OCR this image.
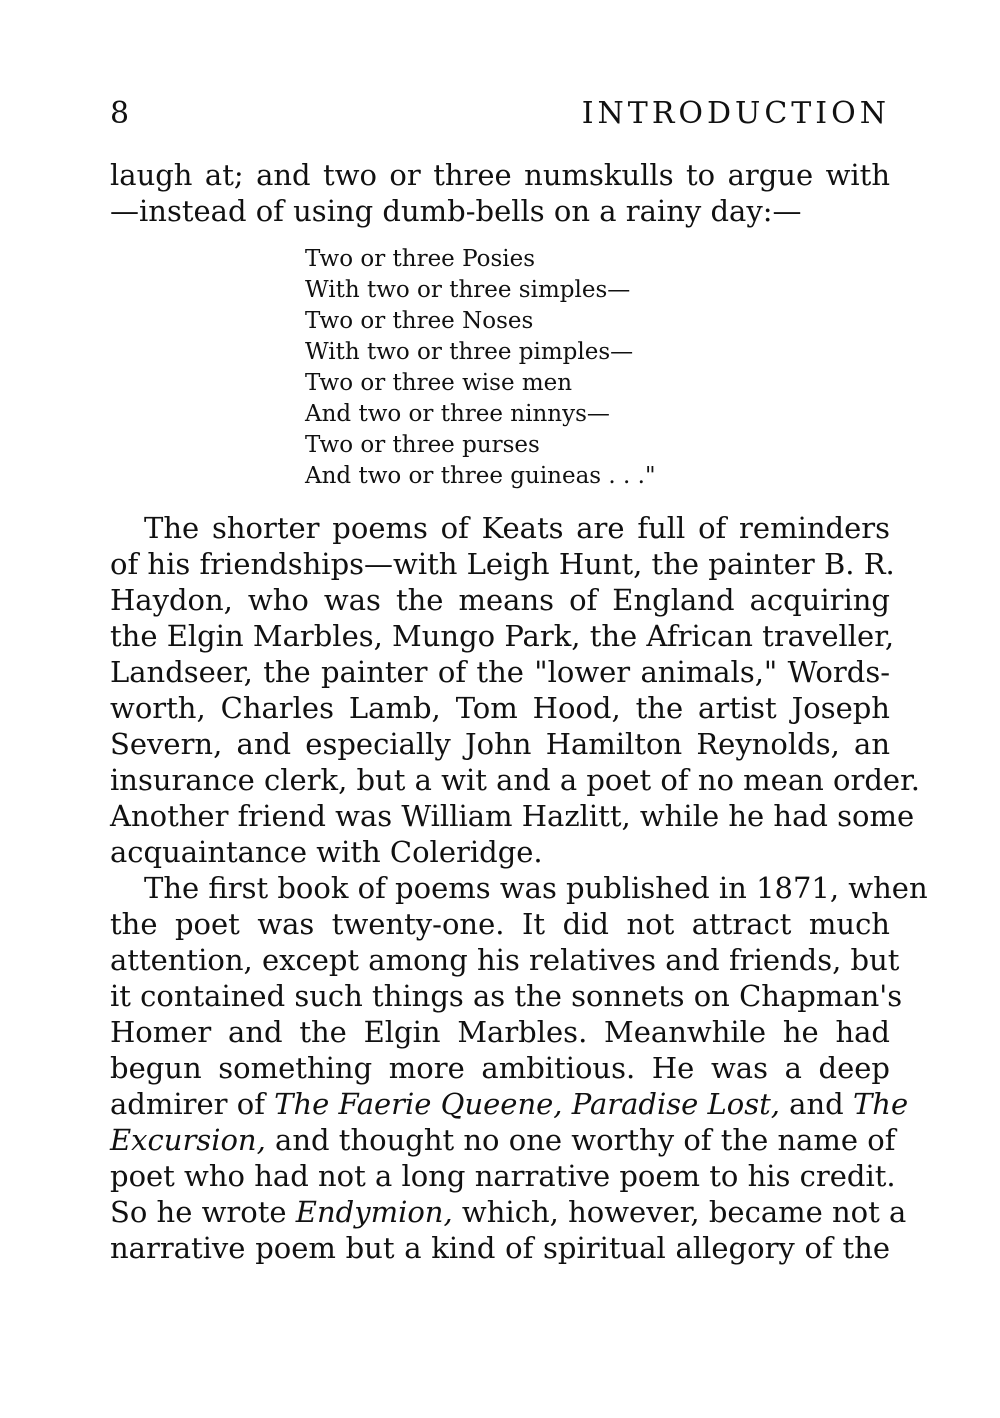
8	INTRODUCTION
laugh at; and two or three numskulls to argue with
—instead of using dumb-bells on a rainy day:—
Two or three Posies
With two or three simples—
Two or three Noses
With two or three pimples—
Two or three wise men
And two or three ninnys—
Two or three purses
And two or three guineas . . ."
The shorter poems of Keats are full of reminders
of his friendships—with Leigh Hunt, the painter B. R.
Haydon, who was the means of England acquiring
the Elgin Marbles, Mungo Park, the African traveller,
Landseer, the painter of the "lower animals," Words-
worth, Charles Lamb, Tom Hood, the artist Joseph
Severn, and especially John Hamilton Reynolds, an
insurance clerk, but a wit and a poet of no mean order.
Another friend was William Hazlitt, while he had some
acquaintance with Coleridge.
The first book of poems was published in 1871, when
the poet was twenty-one. It did not attract much
attention, except among his relatives and friends, but
it contained such things as the sonnets on Chapman's
Homer and the Elgin Marbles. Meanwhile he had
begun something more ambitious. He was a deep
admirer of The Faerie Queene, Paradise Lost, and The
Excursion, and thought no one worthy of the name of
poet who had not a long narrative poem to his credit.
So he wrote Endymion, which, however, became not a
narrative poem but a kind of spiritual allegory of the
